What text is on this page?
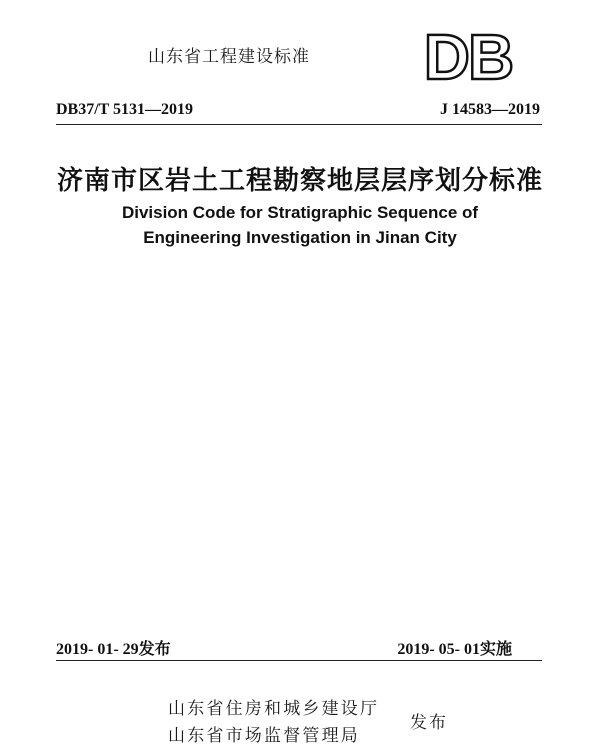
山东省工程建设标准 DB
DB37/T 5131—2019	J 14583—2019
济南市区岩土工程勘察地层层序划分标准
Division Code for Stratigraphic Sequence of
Engineering Investigation in Jinan City
2019- 01- 29发布	2019- 05- 01实施
山东省住房和城乡建设厅
山东省市场监督管理局
发布
